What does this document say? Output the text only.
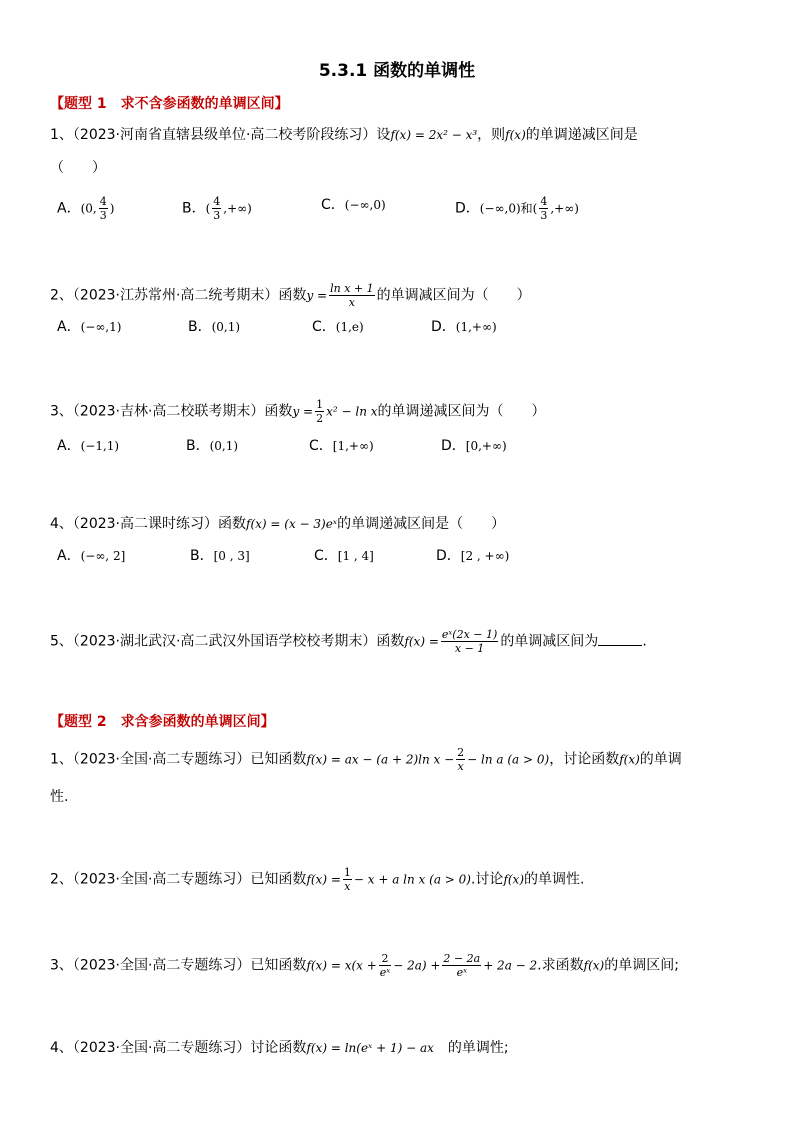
5.3.1 函数的单调性
【题型 1　求不含参函数的单调区间】
1、（2023·河南省直辖县级单位·高二校考阶段练习）设f(x) = 2x² − x³，则f(x)的单调递减区间是
（　　）
A．(0, $\frac{4}{3}$ )	B．( $\frac{4}{3}$ ,+∞)	C．(−∞,0)	D．(−∞,0)和( $\frac{4}{3}$ ,+∞)
2、（2023·江苏常州·高二统考期末）函数$y = \frac{\text{ln x + 1}}{x}$ 的单调减区间为（　　）
A．(−∞,1)	B．(0,1)	C．(1,e)	D．(1,+∞)
3、（2023·吉林·高二校联考期末）函数$y = \frac{1}{2} x^2 - \ln x$的单调递减区间为（　　）
A．(−1,1)	B．(0,1)	C．[1,+∞)	D．[0,+∞)
4、（2023·高二课时练习）函数f(x) = (x − 3)eˣ的单调递减区间是（　　）
A．(−∞, 2]	B．[0 , 3]	C．[1 , 4]	D．[2 , +∞)
5、（2023·湖北武汉·高二武汉外国语学校校考期末）函数$f(x) = \frac{\text{eˣ(2x − 1)}}{x - 1}$ 的单调减区间为	.
【题型 2　求含参函数的单调区间】
1、（2023·全国·高二专题练习）已知函数f(x) = ax − (a + 2)ln $x - \frac{2}{x} - \ln a$ (a > 0)，讨论函数f(x)的单调
性.
2、（2023·全国·高二专题练习）已知函数$f(x) = \frac{1}{x} - x + a$ ln x (a > 0).讨论f(x)的单调性.
3、（2023·全国·高二专题练习）已知函数$f(x) = x(x + \frac{2}{\text{eˣ}} - 2a) + \frac{2 - 2a}{\text{eˣ}} + 2a - 2$.求函数f(x)的单调区间;
4、（2023·全国·高二专题练习）讨论函数f(x) = ln(eˣ + 1) − ax　 的单调性;
